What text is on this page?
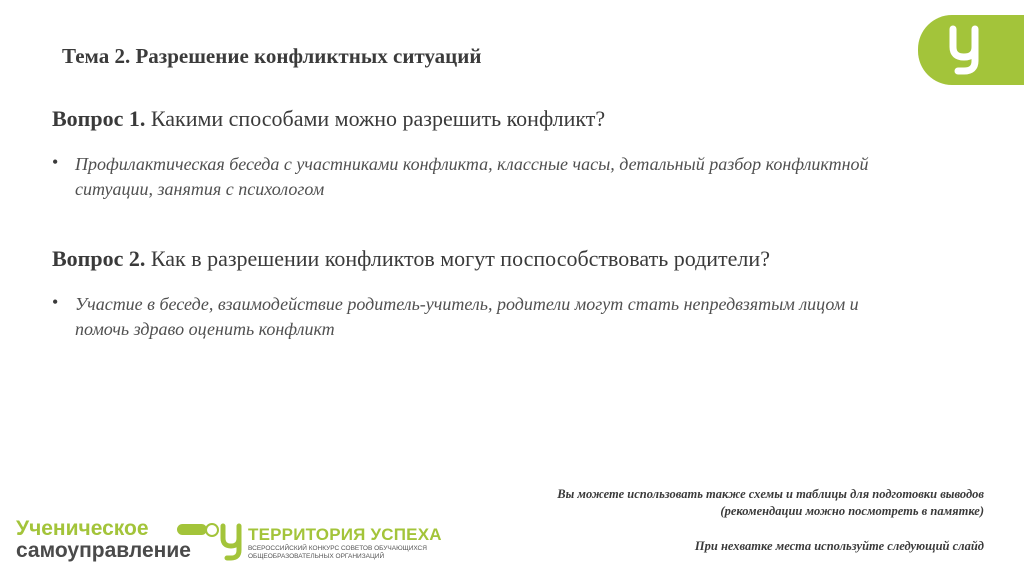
Тема 2. Разрешение конфликтных ситуаций
Вопрос 1. Какими способами можно разрешить конфликт?
• Профилактическая беседа с участниками конфликта, классные часы, детальный разбор конфликтной ситуации, занятия с психологом
Вопрос 2. Как в разрешении конфликтов могут поспособствовать родители?
• Участие в беседе, взаимодействие родитель-учитель, родители могут стать непредвзятым лицом и помочь здраво оценить конфликт
Вы можете использовать также схемы и таблицы для подготовки выводов
(рекомендации можно посмотреть в памятке)
При нехватке места используйте следующий слайд
Ученическое
самоуправление
ТЕРРИТОРИЯ УСПЕХА
ВСЕРОССИЙСКИЙ КОНКУРС СОВЕТОВ ОБУЧАЮЩИХСЯ
ОБЩЕОБРАЗОВАТЕЛЬНЫХ ОРГАНИЗАЦИЙ
